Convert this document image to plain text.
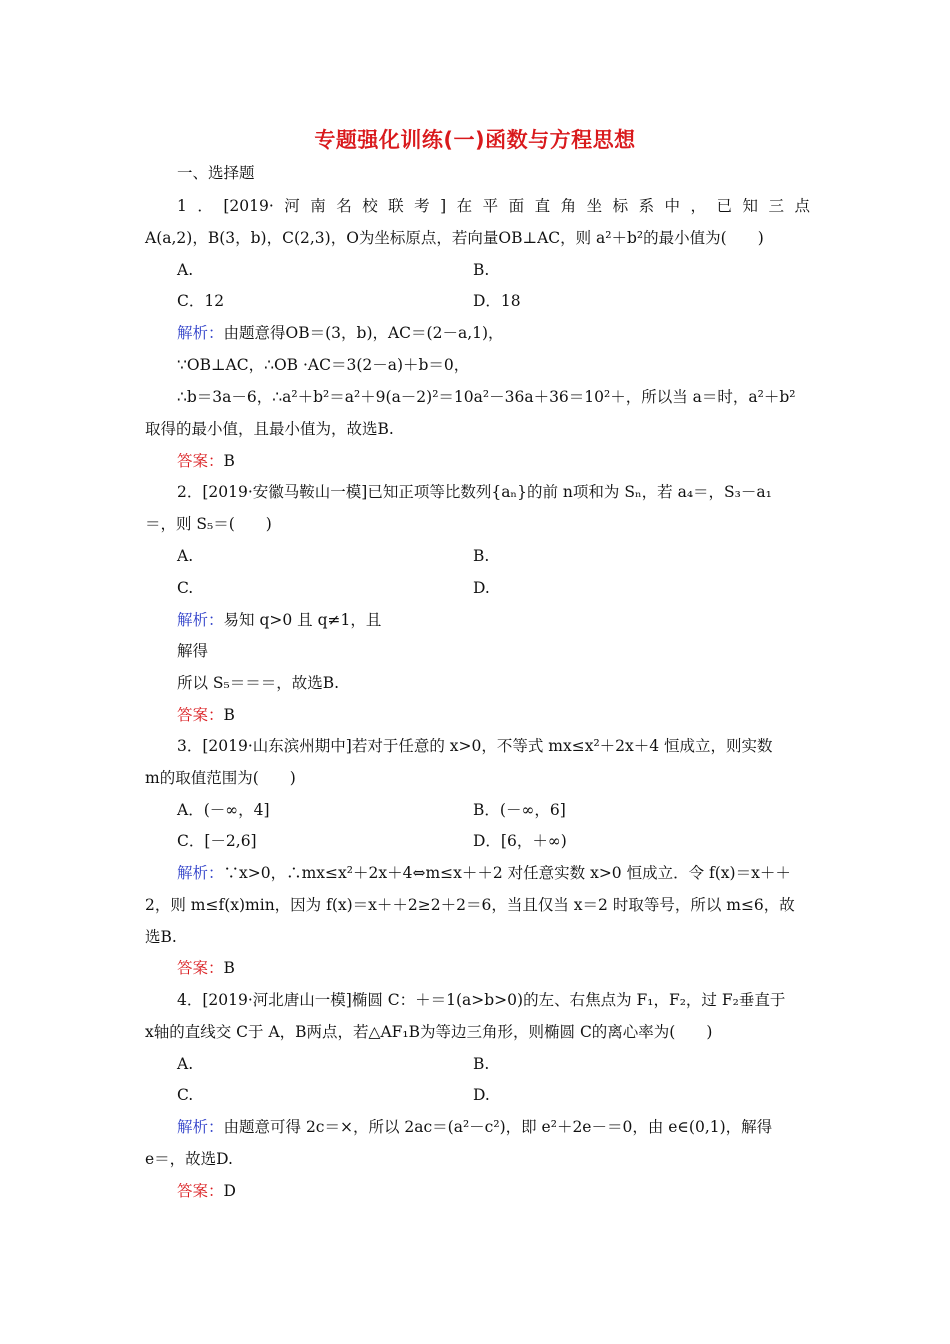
专题强化训练(一)函数与方程思想
一、选择题
1．[2019·河南名校联考]在平面直角坐标系中，已知三点
A(a,2)，B(3，b)，C(2,3)，O为坐标原点，若向量OB⊥AC，则 a²＋b²的最小值为(　　)
A.	B.
C．12	D．18
解析：由题意得OB＝(3，b)，AC＝(2－a,1)，
∵OB⊥AC，∴OB ·AC＝3(2－a)＋b＝0，
∴b＝3a－6，∴a²＋b²＝a²＋9(a－2)²＝10a²－36a＋36＝10²＋，所以当 a＝时，a²＋b²
取得的最小值，且最小值为，故选B.
答案：B
2．[2019·安徽马鞍山一模]已知正项等比数列{aₙ}的前 n项和为 Sₙ，若 a₄＝，S₃－a₁
＝，则 S₅＝(　　)
A.	B.
C.	D.
解析：易知 q>0 且 q≠1，且
解得
所以 S₅＝＝＝，故选B.
答案：B
3．[2019·山东滨州期中]若对于任意的 x>0，不等式 mx≤x²＋2x＋4 恒成立，则实数
m的取值范围为(　　)
A．(－∞，4]	B．(－∞，6]
C．[－2,6]	D．[6，＋∞)
解析：∵x>0，∴mx≤x²＋2x＋4⇔m≤x＋＋2 对任意实数 x>0 恒成立．令 f(x)＝x＋＋
2，则 m≤f(x)min，因为 f(x)＝x＋＋2≥2＋2＝6，当且仅当 x＝2 时取等号，所以 m≤6，故
选B.
答案：B
4．[2019·河北唐山一模]椭圆 C：＋＝1(a>b>0)的左、右焦点为 F₁，F₂，过 F₂垂直于
x轴的直线交 C于 A，B两点，若△AF₁B为等边三角形，则椭圆 C的离心率为(　　)
A.	B.
C.	D.
解析：由题意可得 2c＝×，所以 2ac＝(a²－c²)，即 e²＋2e－＝0，由 e∈(0,1)，解得
e＝，故选D.
答案：D
